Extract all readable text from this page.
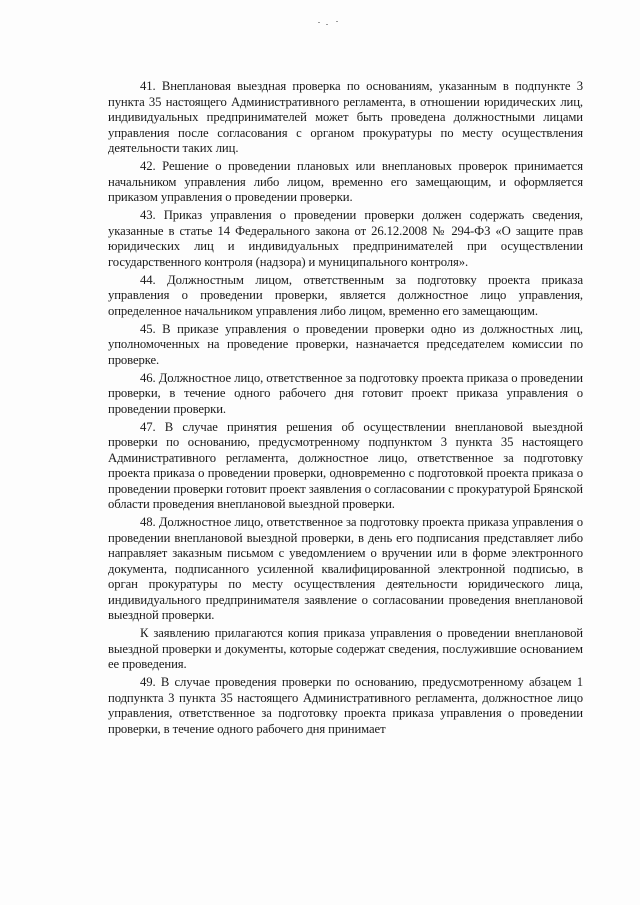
41. Внеплановая выездная проверка по основаниям, указанным в подпункте 3 пункта 35 настоящего Административного регламента, в отношении юридических лиц, индивидуальных предпринимателей может быть проведена должностными лицами управления после согласования с органом прокуратуры по месту осуществления деятельности таких лиц.

42. Решение о проведении плановых или внеплановых проверок принимается начальником управления либо лицом, временно его замещающим, и оформляется приказом управления о проведении проверки.

43. Приказ управления о проведении проверки должен содержать сведения, указанные в статье 14 Федерального закона от 26.12.2008 № 294-ФЗ «О защите прав юридических лиц и индивидуальных предпринимателей при осуществлении государственного контроля (надзора) и муниципального контроля».

44. Должностным лицом, ответственным за подготовку проекта приказа управления о проведении проверки, является должностное лицо управления, определенное начальником управления либо лицом, временно его замещающим.

45. В приказе управления о проведении проверки одно из должностных лиц, уполномоченных на проведение проверки, назначается председателем комиссии по проверке.

46. Должностное лицо, ответственное за подготовку проекта приказа о проведении проверки, в течение одного рабочего дня готовит проект приказа управления о проведении проверки.

47. В случае принятия решения об осуществлении внеплановой выездной проверки по основанию, предусмотренному подпунктом 3 пункта 35 настоящего Административного регламента, должностное лицо, ответственное за подготовку проекта приказа о проведении проверки, одновременно с подготовкой проекта приказа о проведении проверки готовит проект заявления о согласовании с прокуратурой Брянской области проведения внеплановой выездной проверки.

48. Должностное лицо, ответственное за подготовку проекта приказа управления о проведении внеплановой выездной проверки, в день его подписания представляет либо направляет заказным письмом с уведомлением о вручении или в форме электронного документа, подписанного усиленной квалифицированной электронной подписью, в орган прокуратуры по месту осуществления деятельности юридического лица, индивидуального предпринимателя заявление о согласовании проведения внеплановой выездной проверки.

К заявлению прилагаются копия приказа управления о проведении внеплановой выездной проверки и документы, которые содержат сведения, послужившие основанием ее проведения.

49. В случае проведения проверки по основанию, предусмотренному абзацем 1 подпункта 3 пункта 35 настоящего Административного регламента, должностное лицо управления, ответственное за подготовку проекта приказа управления о проведении проверки, в течение одного рабочего дня принимает
